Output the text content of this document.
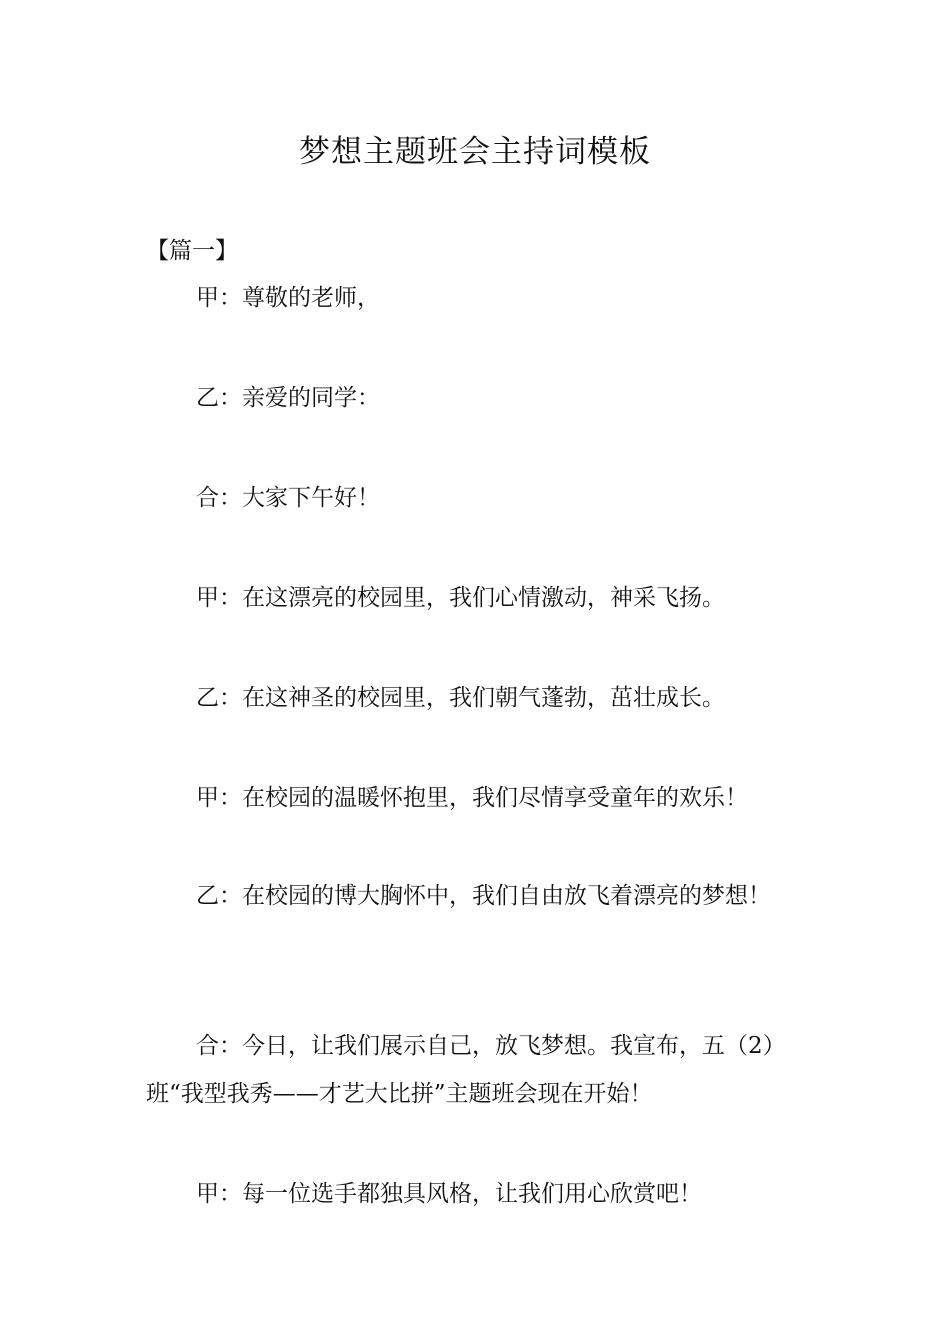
梦想主题班会主持词模板
【篇一】
甲：尊敬的老师，
乙：亲爱的同学：
合：大家下午好！
甲：在这漂亮的校园里，我们心情激动，神采飞扬。
乙：在这神圣的校园里，我们朝气蓬勃，茁壮成长。
甲：在校园的温暖怀抱里，我们尽情享受童年的欢乐！
乙：在校园的博大胸怀中，我们自由放飞着漂亮的梦想！
合：今日，让我们展示自己，放飞梦想。我宣布，五（2）班“我型我秀——才艺大比拼”主题班会现在开始！
甲：每一位选手都独具风格，让我们用心欣赏吧！
